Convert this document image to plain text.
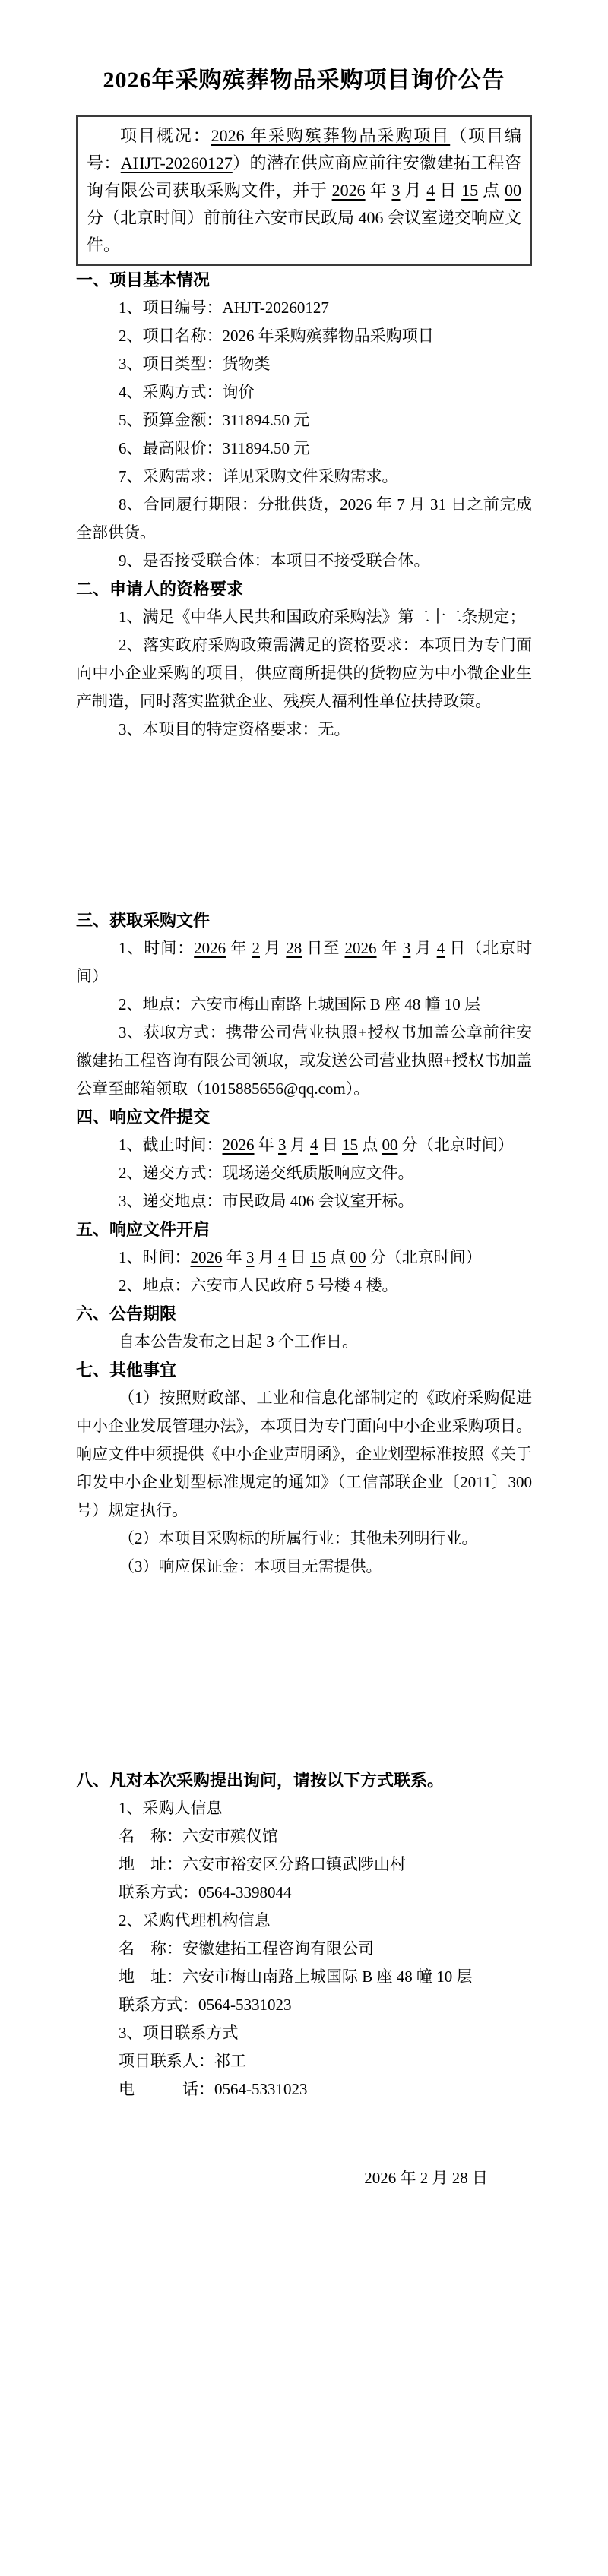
2026年采购殡葬物品采购项目询价公告

项目概况：2026 年采购殡葬物品采购项目（项目编号：AHJT-20260127）的潜在供应商应前往安徽建拓工程咨询有限公司获取采购文件，并于 2026 年 3 月 4 日 15 点 00 分（北京时间）前前往六安市民政局 406 会议室递交响应文件。

一、项目基本情况

1、项目编号：AHJT-20260127

2、项目名称：2026 年采购殡葬物品采购项目

3、项目类型：货物类

4、采购方式：询价

5、预算金额：311894.50 元

6、最高限价：311894.50 元

7、采购需求：详见采购文件采购需求。

8、合同履行期限：分批供货，2026 年 7 月 31 日之前完成全部供货。

9、是否接受联合体：本项目不接受联合体。

二、申请人的资格要求

1、满足《中华人民共和国政府采购法》第二十二条规定；

2、落实政府采购政策需满足的资格要求：本项目为专门面向中小企业采购的项目，供应商所提供的货物应为中小微企业生产制造，同时落实监狱企业、残疾人福利性单位扶持政策。

3、本项目的特定资格要求：无。

三、获取采购文件

1、时间：2026 年 2 月 28 日至 2026 年 3 月 4 日（北京时间）

2、地点：六安市梅山南路上城国际 B 座 48 幢 10 层

3、获取方式：携带公司营业执照+授权书加盖公章前往安徽建拓工程咨询有限公司领取，或发送公司营业执照+授权书加盖公章至邮箱领取（1015885656@qq.com）。

四、响应文件提交

1、截止时间：2026 年 3 月 4 日 15 点 00 分（北京时间）

2、递交方式：现场递交纸质版响应文件。

3、递交地点：市民政局 406 会议室开标。

五、响应文件开启

1、时间：2026 年 3 月 4 日 15 点 00 分（北京时间）

2、地点：六安市人民政府 5 号楼 4 楼。

六、公告期限

自本公告发布之日起 3 个工作日。

七、其他事宜

（1）按照财政部、工业和信息化部制定的《政府采购促进中小企业发展管理办法》，本项目为专门面向中小企业采购项目。响应文件中须提供《中小企业声明函》，企业划型标准按照《关于印发中小企业划型标准规定的通知》（工信部联企业〔2011〕300 号）规定执行。

（2）本项目采购标的所属行业：其他未列明行业。

（3）响应保证金：本项目无需提供。

八、凡对本次采购提出询问，请按以下方式联系。

1、采购人信息

名　称：六安市殡仪馆

地　址：六安市裕安区分路口镇武陟山村

联系方式：0564-3398044

2、采购代理机构信息

名　称：安徽建拓工程咨询有限公司

地　址：六安市梅山南路上城国际 B 座 48 幢 10 层

联系方式：0564-5331023

3、项目联系方式

项目联系人：祁工

电　　　话：0564-5331023

2026 年 2 月 28 日
